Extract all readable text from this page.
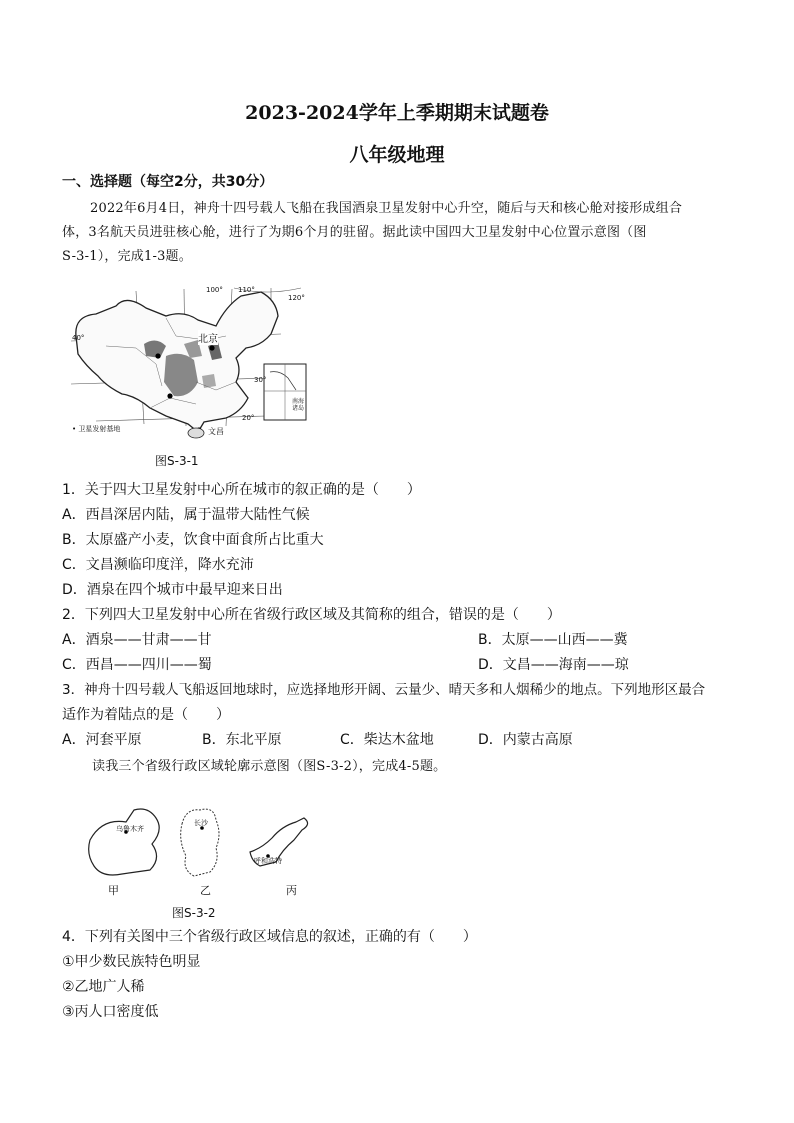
2023-2024学年上季期期末试题卷
八年级地理
一、选择题（每空2分，共30分）
2022年6月4日，神舟十四号载人飞船在我国酒泉卫星发射中心升空，随后与天和核心舱对接形成组合
体，3名航天员进驻核心舱，进行了为期6个月的驻留。据此读中国四大卫星发射中心位置示意图（图
S-3-1），完成1-3题。
北京
文昌
南海诸岛
100° 110°
120°
40°
30°
20°
• 卫星发射基地
图S-3-1
1．关于四大卫星发射中心所在城市的叙正确的是（　　）
A．西昌深居内陆，属于温带大陆性气候
B．太原盛产小麦，饮食中面食所占比重大
C．文昌濒临印度洋，降水充沛
D．酒泉在四个城市中最早迎来日出
2．下列四大卫星发射中心所在省级行政区域及其简称的组合，错误的是（　　）
A．酒泉——甘肃——甘	B．太原——山西——冀
C．西昌——四川——蜀	D．文昌——海南——琼
3．神舟十四号载人飞船返回地球时，应选择地形开阔、云量少、晴天多和人烟稀少的地点。下列地形区最合
适作为着陆点的是（　　）
A．河套平原	B．东北平原	C．柴达木盆地	D．内蒙古高原
读我三个省级行政区域轮廓示意图（图S-3-2），完成4-5题。
乌鲁木齐
长沙
呼和浩特
甲	乙	丙
图S-3-2
4．下列有关图中三个省级行政区域信息的叙述，正确的有（　　）
①甲少数民族特色明显
②乙地广人稀
③丙人口密度低
